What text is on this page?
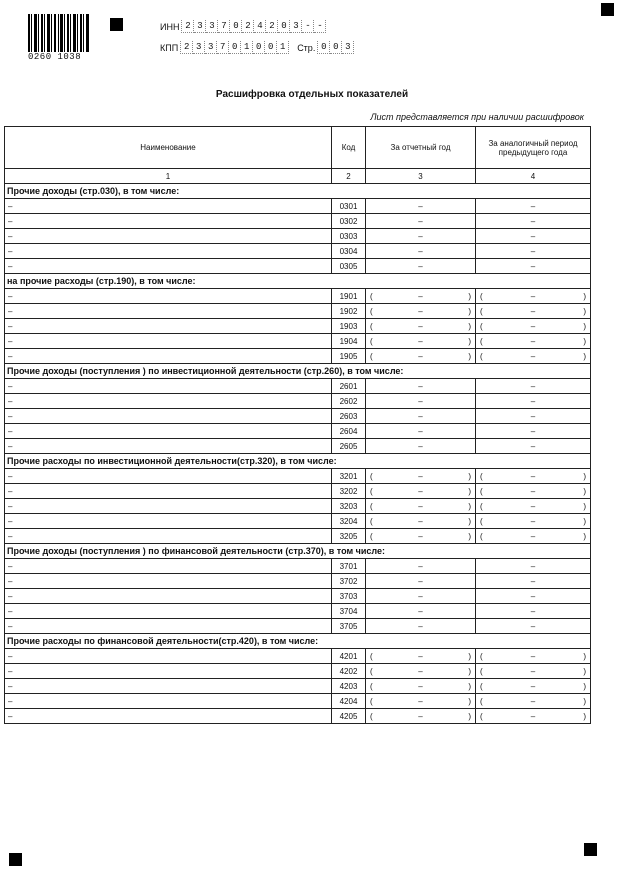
0260 1038
ИНН 2 3 3 7 0 2 4 2 0 3 - -
КПП 2 3 3 7 0 1 0 0 1	Стр. 0 0 3
Расшифровка отдельных показателей
Лист представляется при наличии расшифровок
Наименование	Код	За отчетный год	За аналогичный период предыдущего года
1	2	3	4
Прочие доходы (стр.030), в том числе:			
–	0301	–	–
–	0302	–	–
–	0303	–	–
–	0304	–	–
–	0305	–	–
на прочие расходы (стр.190), в том числе:			
–	1901	( – )	( – )

–	1902	( – )	( – )

–	1903	( – )	( – )

–	1904	( – )	( – )

–	1905	( – )	( – )

Прочие доходы (поступления ) по инвестиционной деятельности (стр.260), в том числе:			
–	2601	–	–
–	2602	–	–
–	2603	–	–
–	2604	–	–
–	2605	–	–
Прочие расходы по инвестиционной деятельности(стр.320), в том числе:			
–	3201	( – )	( – )

–	3202	( – )	( – )

–	3203	( – )	( – )

–	3204	( – )	( – )

–	3205	( – )	( – )

Прочие доходы (поступления ) по финансовой деятельности (стр.370), в том числе:			
–	3701	–	–
–	3702	–	–
–	3703	–	–
–	3704	–	–
–	3705	–	–
Прочие расходы по финансовой деятельности(стр.420), в том числе:			
–	4201	( – )	( – )

–	4202	( – )	( – )

–	4203	( – )	( – )

–	4204	( – )	( – )

–	4205	( – )	( – )
